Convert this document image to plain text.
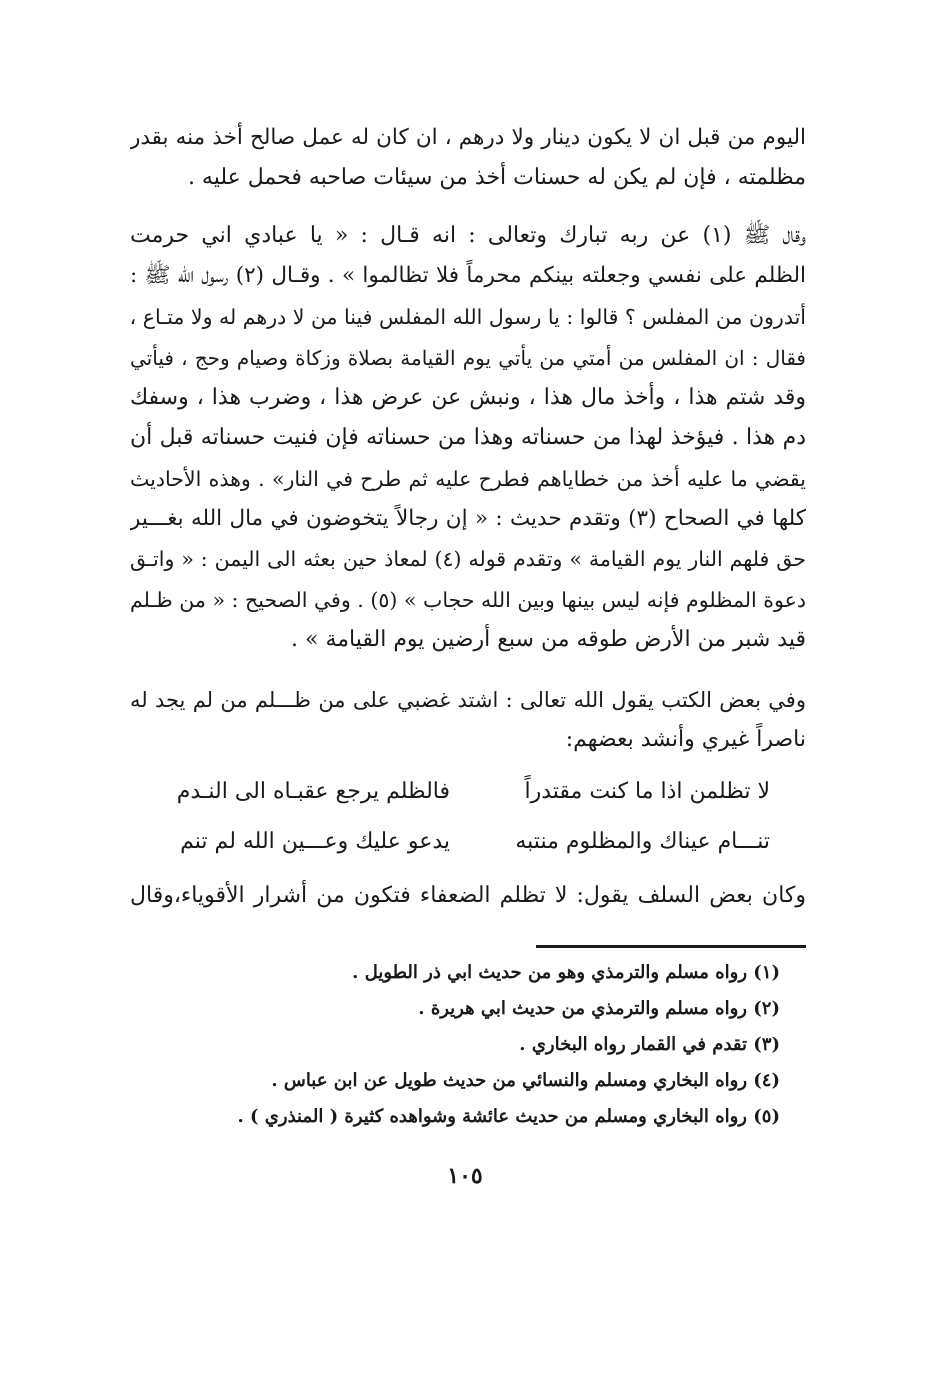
اليوم من قبل ان لا يكون دينار ولا درهم ، ان كان له عمل صالح أخذ منه بقدر
مظلمته ، فإن لم يكن له حسنات أخذ من سيئات صاحبه فحمل عليه .
وقال ﷺ (١) عن ربه تبارك وتعالى : انه قـال : « يا عبادي اني حرمت
الظلم على نفسي وجعلته بينكم محرماً فلا تظالموا » . وقـال (٢) رسول الله ﷺ :
أتدرون من المفلس ؟ قالوا : يا رسول الله المفلس فينا من لا درهم له ولا متـاع ،
فقال : ان المفلس من أمتي من يأتي يوم القيامة بصلاة وزكاة وصيام وحج ، فيأتي
وقد شتم هذا ، وأخذ مال هذا ، ونبش عن عرض هذا ، وضرب هذا ، وسفك
دم هذا . فيؤخذ لهذا من حسناته وهذا من حسناته فإن فنيت حسناته قبل أن
يقضي ما عليه أخذ من خطاياهم فطرح عليه ثم طرح في النار» . وهذه الأحاديث
كلها في الصحاح (٣) وتقدم حديث : « إن رجالاً يتخوضون في مال الله بغـــير
حق فلهم النار يوم القيامة » وتقدم قوله (٤) لمعاذ حين بعثه الى اليمن : « واتـق
دعوة المظلوم فإنه ليس بينها وبين الله حجاب » (٥) . وفي الصحيح : « من ظـلم
قيد شبر من الأرض طوقه من سبع أرضين يوم القيامة » .
وفي بعض الكتب يقول الله تعالى : اشتد غضبي على من ظـــلم من لم يجد له
ناصراً غيري وأنشد بعضهم:
لا تظلمن اذا ما كنت مقتدراً
فالظلم يرجع عقبـاه الى النـدم
تنـــام عيناك والمظلوم منتبه
يدعو عليك وعـــين الله لم تنم
وكان بعض السلف يقول: لا تظلم الضعفاء فتكون من أشرار الأقوياء،وقال
(١) رواه مسلم والترمذي وهو من حديث ابي ذر الطويل .
(٢) رواه مسلم والترمذي من حديث ابي هريرة .
(٣) تقدم في القمار رواه البخاري .
(٤) رواه البخاري ومسلم والنسائي من حديث طويل عن ابن عباس .
(٥) رواه البخاري ومسلم من حديث عائشة وشواهده كثيرة ( المنذري ) .
١٠٥
